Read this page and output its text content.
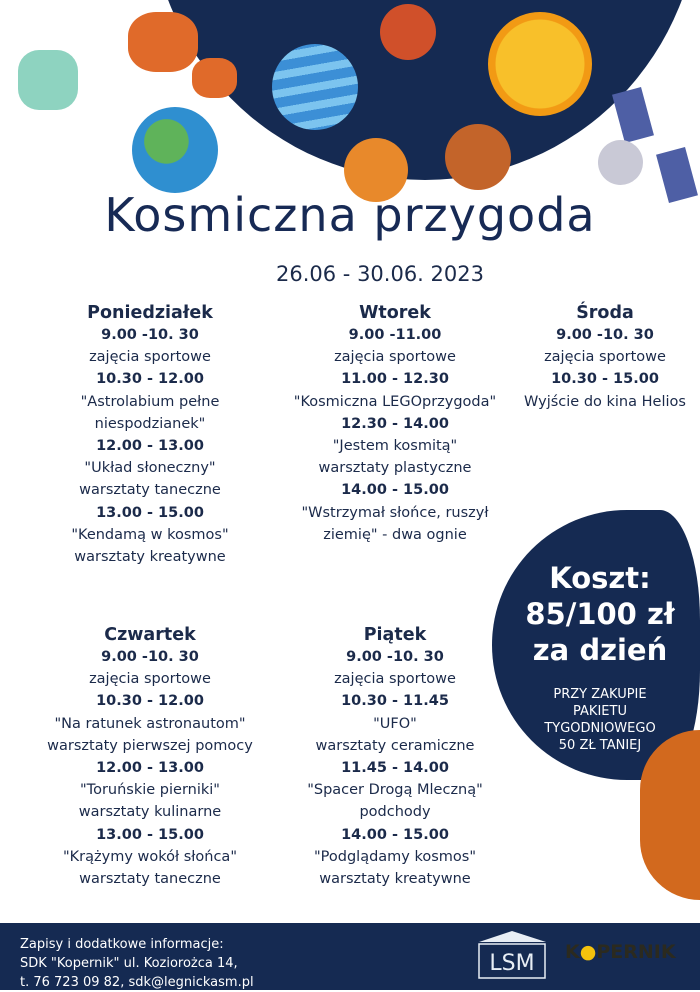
Kosmiczna przygoda
26.06 - 30.06. 2023
Poniedziałek
9.00 -10. 30
zajęcia sportowe
10.30 - 12.00
"Astrolabium pełne
niespodzianek"
12.00 - 13.00
"Układ słoneczny"
warsztaty taneczne
13.00 - 15.00
"Kendamą w kosmos"
warsztaty kreatywne
Wtorek
9.00 -11.00
zajęcia sportowe
11.00 - 12.30
"Kosmiczna LEGOprzygoda"
12.30 - 14.00
"Jestem kosmitą"
warsztaty plastyczne
14.00 - 15.00
"Wstrzymał słońce, ruszył
ziemię" - dwa ognie
Środa
9.00 -10. 30
zajęcia sportowe
10.30 - 15.00
Wyjście do kina Helios
Czwartek
9.00 -10. 30
zajęcia sportowe
10.30 - 12.00
"Na ratunek astronautom"
warsztaty pierwszej pomocy
12.00 - 13.00
"Toruńskie pierniki"
warsztaty kulinarne
13.00 - 15.00
"Krążymy wokół słońca"
warsztaty taneczne
Piątek
9.00 -10. 30
zajęcia sportowe
10.30 - 11.45
"UFO"
warsztaty ceramiczne
11.45 - 14.00
"Spacer Drogą Mleczną"
podchody
14.00 - 15.00
"Podglądamy kosmos"
warsztaty kreatywne
Koszt:
85/100 zł
za dzień
PRZY ZAKUPIE
PAKIETU
TYGODNIOWEGO
50 ZŁ TANIEJ
Zapisy i dodatkowe informacje:
SDK "Kopernik" ul. Koziorożca 14,
t. 76 723 09 82, sdk@legnickasm.pl
LSM K●PERNIK
